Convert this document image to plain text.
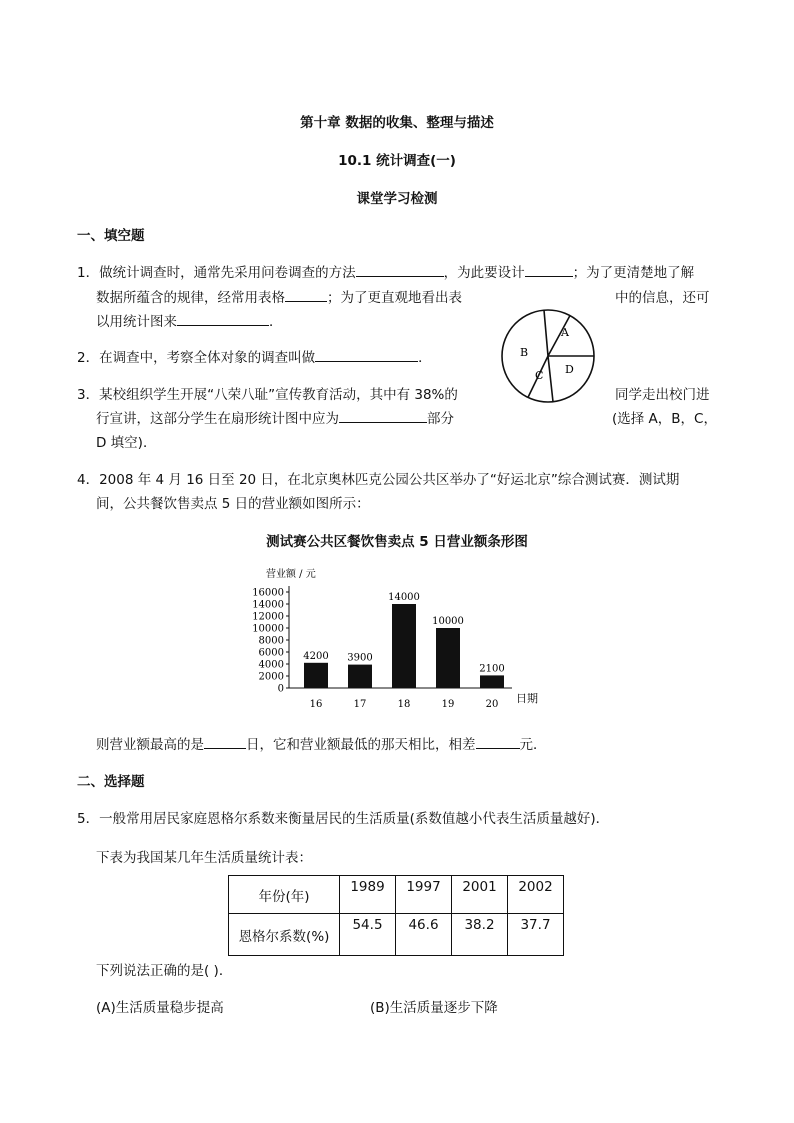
第十章 数据的收集、整理与描述
10.1 统计调查(一)
课堂学习检测
一、填空题
1．做统计调查时，通常先采用问卷调查的方法	，为此要设计	；为了更清楚地了解
数据所蕴含的规律，经常用表格	；为了更直观地看出表	中的信息，还可
以用统计图来	．
A
B
C D
2．在调查中，考察全体对象的调查叫做	．
3．某校组织学生开展“八荣八耻”宣传教育活动，其中有 38%的	同学走出校门进
行宣讲，这部分学生在扇形统计图中应为	部分	(选择 A，B，C，
D 填空)．
4．2008 年 4 月 16 日至 20 日，在北京奥林匹克公园公共区举办了“好运北京”综合测试赛．测试期
间，公共餐饮售卖点 5 日的营业额如图所示：
测试赛公共区餐饮售卖点 5 日营业额条形图
营业额 / 元
日期
0
2000
4000
6000
8000
10000
12000
14000
16000
4200
16
3900
17
14000
18
10000
19
2100
20
则营业额最高的是	日，它和营业额最低的那天相比，相差	元．
二、选择题
5．一般常用居民家庭恩格尔系数来衡量居民的生活质量(系数值越小代表生活质量越好)．
下表为我国某几年生活质量统计表：
年份(年)	1989	1997	2001	2002
恩格尔系数(%)	54.5	46.6	38.2	37.7
下列说法正确的是( )．
(A)生活质量稳步提高	(B)生活质量逐步下降
